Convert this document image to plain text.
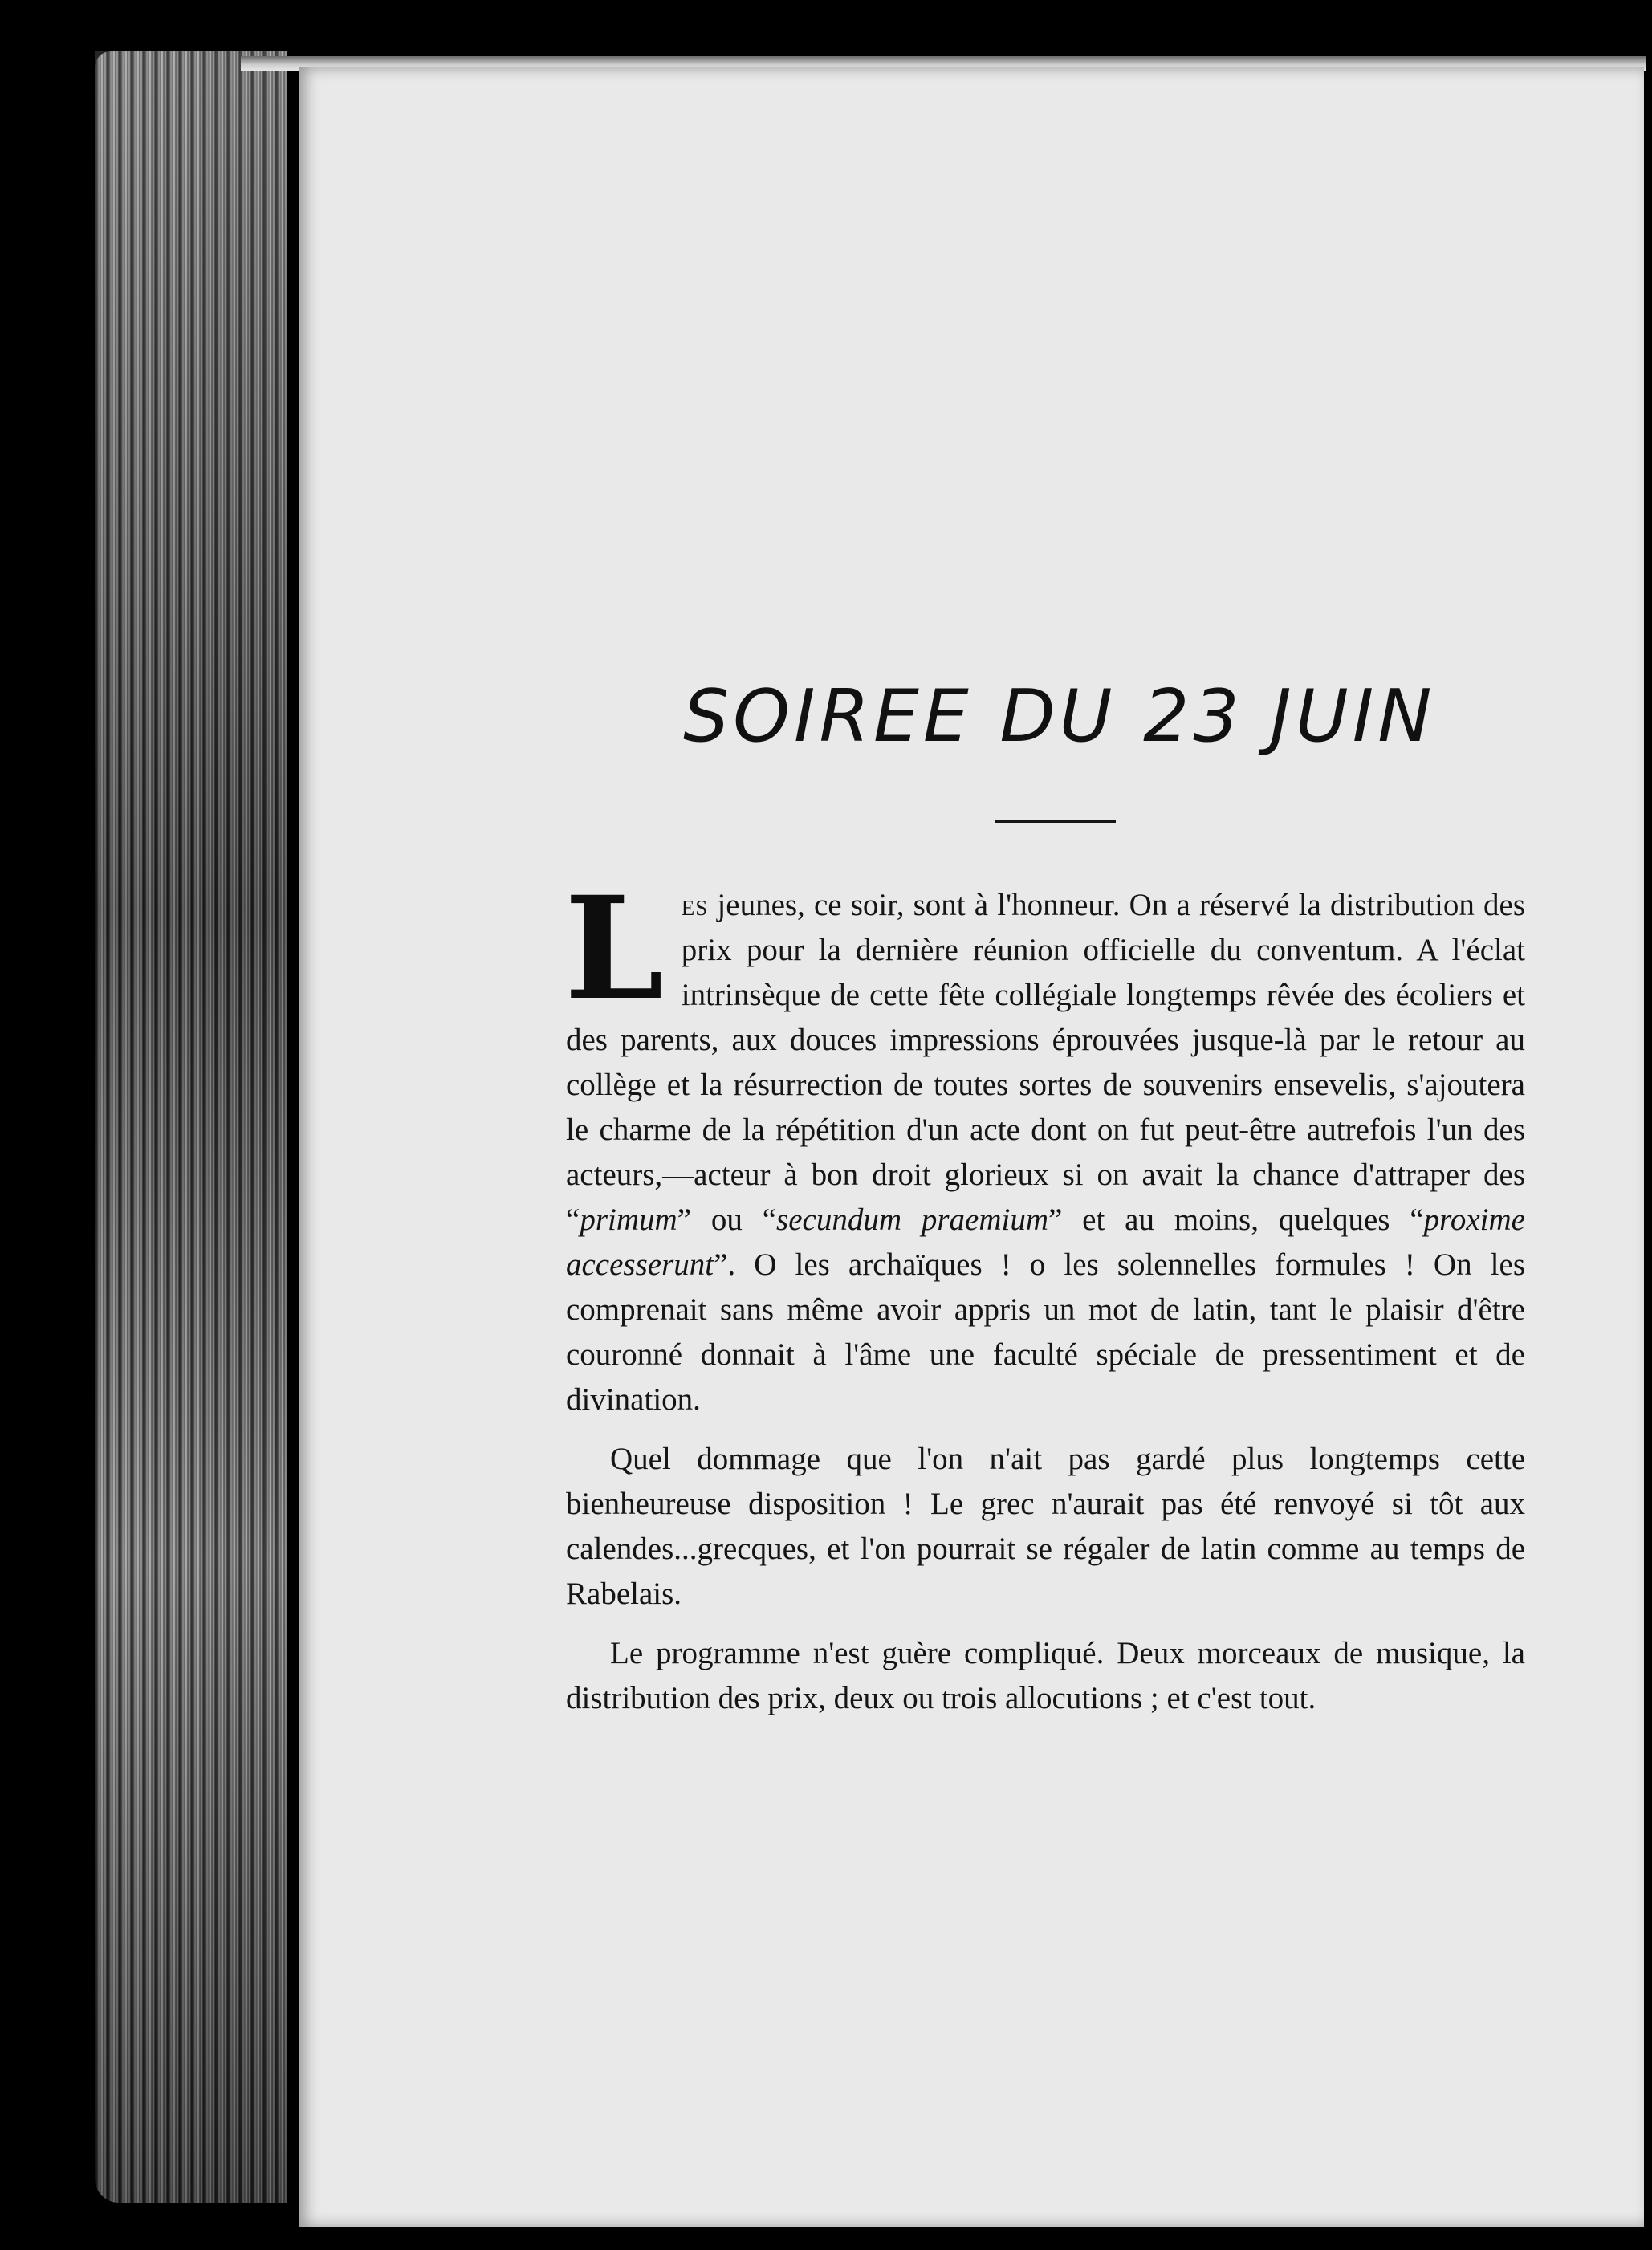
SOIREE DU 23 JUIN

Les jeunes, ce soir, sont à l'honneur. On a réservé la distribution des prix pour la dernière réunion officielle du conventum. A l'éclat intrinsèque de cette fête collégiale longtemps rêvée des écoliers et des parents, aux douces impressions éprouvées jusque-là par le retour au collège et la résurrection de toutes sortes de souvenirs ensevelis, s'ajoutera le charme de la répétition d'un acte dont on fut peut-être autrefois l'un des acteurs,—acteur à bon droit glorieux si on avait la chance d'attraper des “primum” ou “secundum praemium” et au moins, quelques “proxime accesserunt”. O les archaïques ! o les solennelles formules ! On les comprenait sans même avoir appris un mot de latin, tant le plaisir d'être couronné donnait à l'âme une faculté spéciale de pressentiment et de divination.

Quel dommage que l'on n'ait pas gardé plus longtemps cette bienheureuse disposition ! Le grec n'aurait pas été renvoyé si tôt aux calendes...grecques, et l'on pourrait se régaler de latin comme au temps de Rabelais.

Le programme n'est guère compliqué. Deux morceaux de musique, la distribution des prix, deux ou trois allocutions ; et c'est tout.
